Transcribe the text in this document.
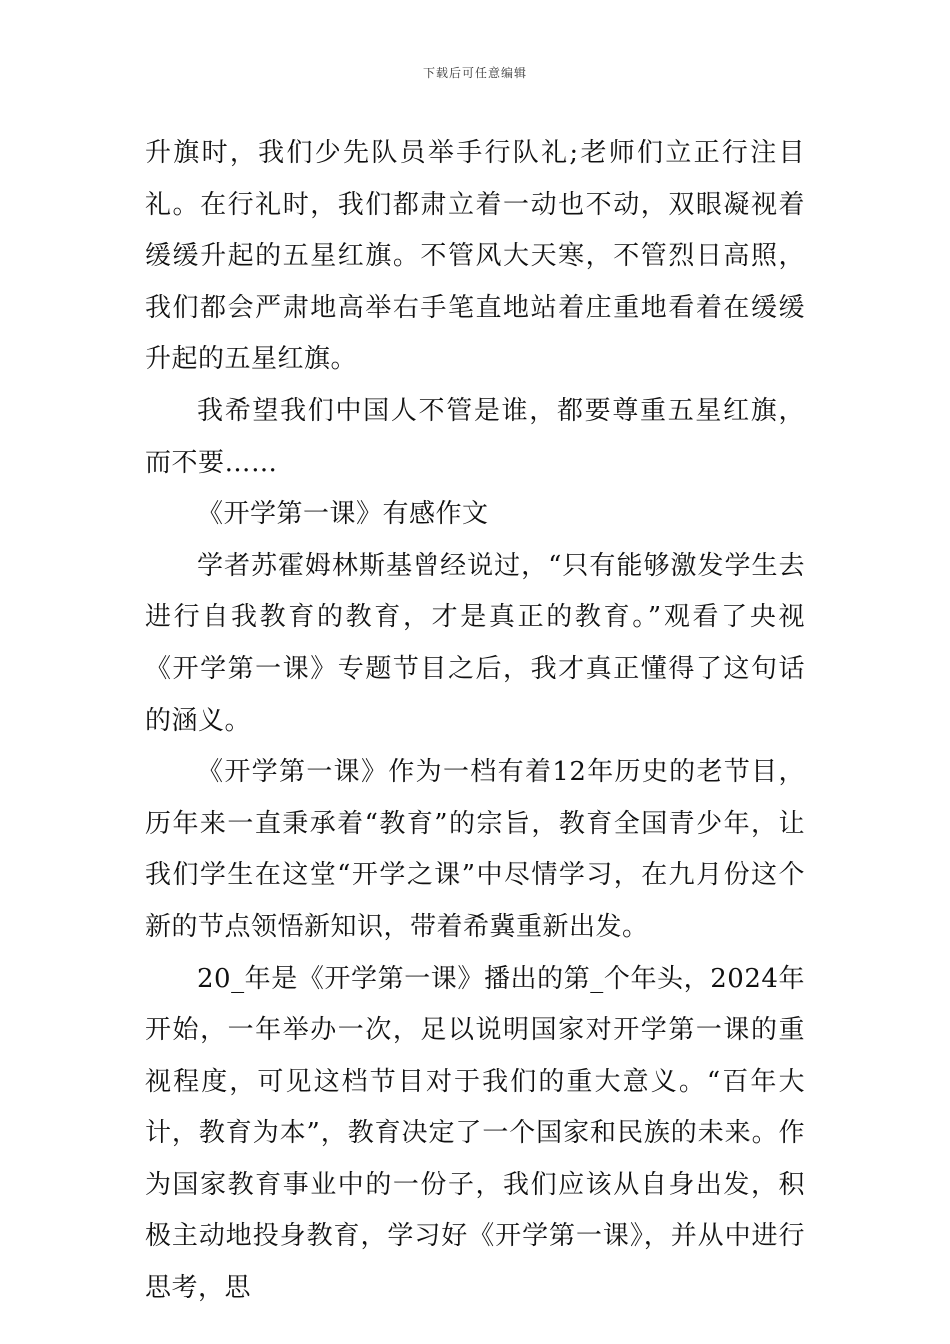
下载后可任意编辑

升旗时，我们少先队员举手行队礼;老师们立正行注目礼。在行礼时，我们都肃立着一动也不动，双眼凝视着缓缓升起的五星红旗。不管风大天寒，不管烈日高照，我们都会严肃地高举右手笔直地站着庄重地看着在缓缓升起的五星红旗。

我希望我们中国人不管是谁，都要尊重五星红旗，而不要……

《开学第一课》有感作文

学者苏霍姆林斯基曾经说过，“只有能够激发学生去进行自我教育的教育，才是真正的教育。”观看了央视《开学第一课》专题节目之后，我才真正懂得了这句话的涵义。

《开学第一课》作为一档有着12年历史的老节目，历年来一直秉承着“教育”的宗旨，教育全国青少年，让我们学生在这堂“开学之课”中尽情学习，在九月份这个新的节点领悟新知识，带着希冀重新出发。

20_年是《开学第一课》播出的第_个年头，2024年开始，一年举办一次，足以说明国家对开学第一课的重视程度，可见这档节目对于我们的重大意义。“百年大计，教育为本”，教育决定了一个国家和民族的未来。作为国家教育事业中的一份子，我们应该从自身出发，积极主动地投身教育，学习好《开学第一课》，并从中进行思考，思
